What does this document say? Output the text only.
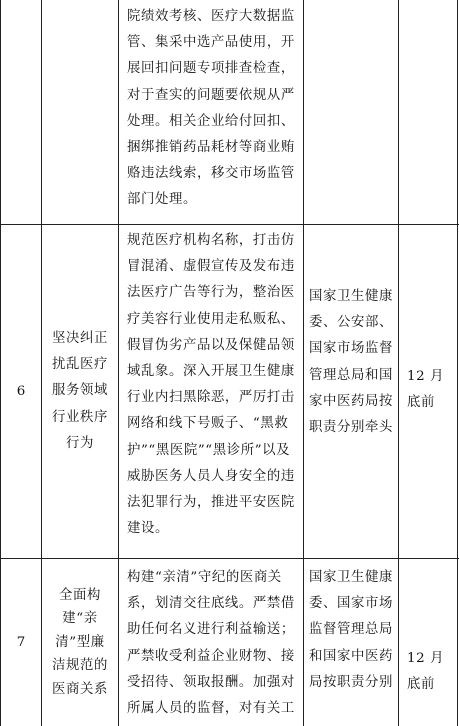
院绩效考核、医疗大数据监管、集采中选产品使用，开展回扣问题专项排查检查，对于查实的问题要依规从严处理。相关企业给付回扣、捆绑推销药品耗材等商业贿赂违法线索，移交市场监管部门处理。
6
坚决纠正扰乱医疗服务领域行业秩序行为
规范医疗机构名称，打击仿冒混淆、虚假宣传及发布违法医疗广告等行为，整治医疗美容行业使用走私贩私、假冒伪劣产品以及保健品领域乱象。深入开展卫生健康行业内扫黑除恶，严厉打击网络和线下号贩子、“黑救护”“黑医院”“黑诊所”以及威胁医务人员人身安全的违法犯罪行为，推进平安医院建设。
国家卫生健康委、公安部、国家市场监督管理总局和国家中医药局按职责分别牵头
12 月底前
7
全面构建“亲清”型廉洁规范的医商关系
构建“亲清”守纪的医商关系，划清交往底线。严禁借助任何名义进行利益输送；严禁收受利益企业财物、接受招待、领取报酬。加强对所属人员的监督，对有关工
国家卫生健康委、国家市场监督管理总局和国家中医药局按职责分别
12 月底前
